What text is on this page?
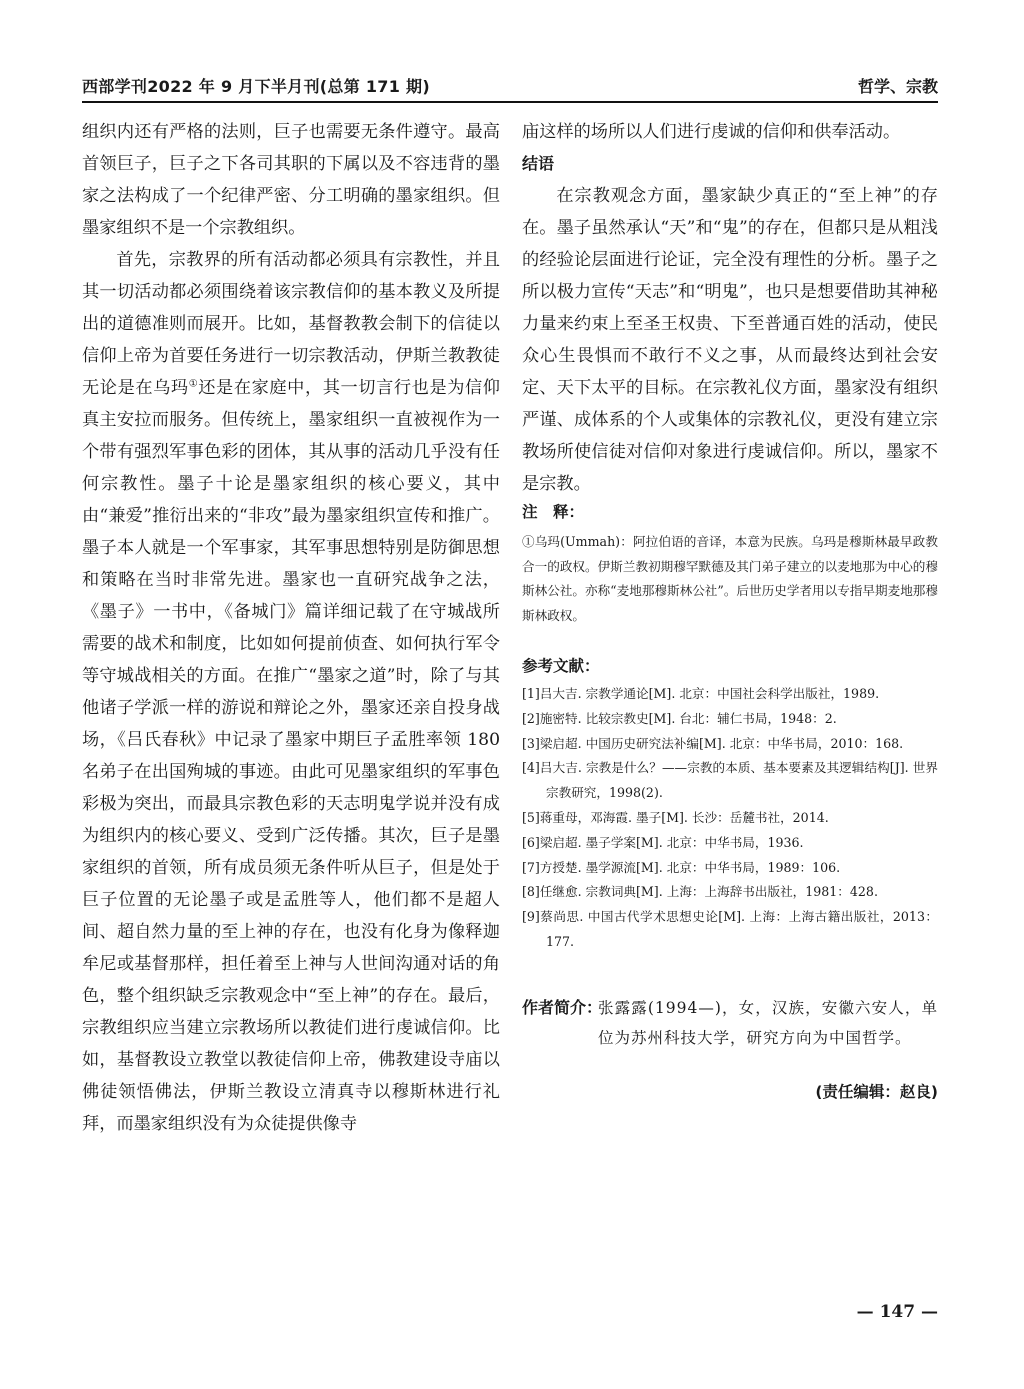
西部学刊2022 年 9 月下半月刊(总第 171 期)	哲学、宗教

组织内还有严格的法则，巨子也需要无条件遵守。最高首领巨子，巨子之下各司其职的下属以及不容违背的墨家之法构成了一个纪律严密、分工明确的墨家组织。但墨家组织不是一个宗教组织。

首先，宗教界的所有活动都必须具有宗教性，并且其一切活动都必须围绕着该宗教信仰的基本教义及所提出的道德准则而展开。比如，基督教教会制下的信徒以信仰上帝为首要任务进行一切宗教活动，伊斯兰教教徒无论是在乌玛①还是在家庭中，其一切言行也是为信仰真主安拉而服务。但传统上，墨家组织一直被视作为一个带有强烈军事色彩的团体，其从事的活动几乎没有任何宗教性。墨子十论是墨家组织的核心要义，其中由“兼爱”推衍出来的“非攻”最为墨家组织宣传和推广。墨子本人就是一个军事家，其军事思想特别是防御思想和策略在当时非常先进。墨家也一直研究战争之法，《墨子》一书中，《备城门》篇详细记载了在守城战所需要的战术和制度，比如如何提前侦查、如何执行军令等守城战相关的方面。在推广“墨家之道”时，除了与其他诸子学派一样的游说和辩论之外，墨家还亲自投身战场，《吕氏春秋》中记录了墨家中期巨子孟胜率领 180 名弟子在出国殉城的事迹。由此可见墨家组织的军事色彩极为突出，而最具宗教色彩的天志明鬼学说并没有成为组织内的核心要义、受到广泛传播。其次，巨子是墨家组织的首领，所有成员须无条件听从巨子，但是处于巨子位置的无论墨子或是孟胜等人，他们都不是超人间、超自然力量的至上神的存在，也没有化身为像释迦牟尼或基督那样，担任着至上神与人世间沟通对话的角色，整个组织缺乏宗教观念中“至上神”的存在。最后，宗教组织应当建立宗教场所以教徒们进行虔诚信仰。比如，基督教设立教堂以教徒信仰上帝，佛教建设寺庙以佛徒领悟佛法，伊斯兰教设立清真寺以穆斯林进行礼拜，而墨家组织没有为众徒提供像寺

庙这样的场所以人们进行虔诚的信仰和供奉活动。

结语

在宗教观念方面，墨家缺少真正的“至上神”的存在。墨子虽然承认“天”和“鬼”的存在，但都只是从粗浅的经验论层面进行论证，完全没有理性的分析。墨子之所以极力宣传“天志”和“明鬼”，也只是想要借助其神秘力量来约束上至圣王权贵、下至普通百姓的活动，使民众心生畏惧而不敢行不义之事，从而最终达到社会安定、天下太平的目标。在宗教礼仪方面，墨家没有组织严谨、成体系的个人或集体的宗教礼仪，更没有建立宗教场所使信徒对信仰对象进行虔诚信仰。所以，墨家不是宗教。

注　释：

①乌玛(Ummah)：阿拉伯语的音译，本意为民族。乌玛是穆斯林最早政教合一的政权。伊斯兰教初期穆罕默德及其门弟子建立的以麦地那为中心的穆斯林公社。亦称“麦地那穆斯林公社”。后世历史学者用以专指早期麦地那穆斯林政权。

参考文献：

[1]吕大吉. 宗教学通论[M]. 北京：中国社会科学出版社，1989.
[2]施密特. 比较宗教史[M]. 台北：辅仁书局，1948：2.
[3]梁启超. 中国历史研究法补编[M]. 北京：中华书局，2010：168.
[4]吕大吉. 宗教是什么？——宗教的本质、基本要素及其逻辑结构[J]. 世界宗教研究，1998(2).
[5]蒋重母，邓海霞. 墨子[M]. 长沙：岳麓书社，2014.
[6]梁启超. 墨子学案[M]. 北京：中华书局，1936.
[7]方授楚. 墨学源流[M]. 北京：中华书局，1989：106.
[8]任继愈. 宗教词典[M]. 上海：上海辞书出版社，1981：428.
[9]蔡尚思. 中国古代学术思想史论[M]. 上海：上海古籍出版社，2013：177.
作者简介：

张露露(1994—)，女，汉族，安徽六安人，单位为苏州科技大学，研究方向为中国哲学。

(责任编辑：赵良)
— 147 —
